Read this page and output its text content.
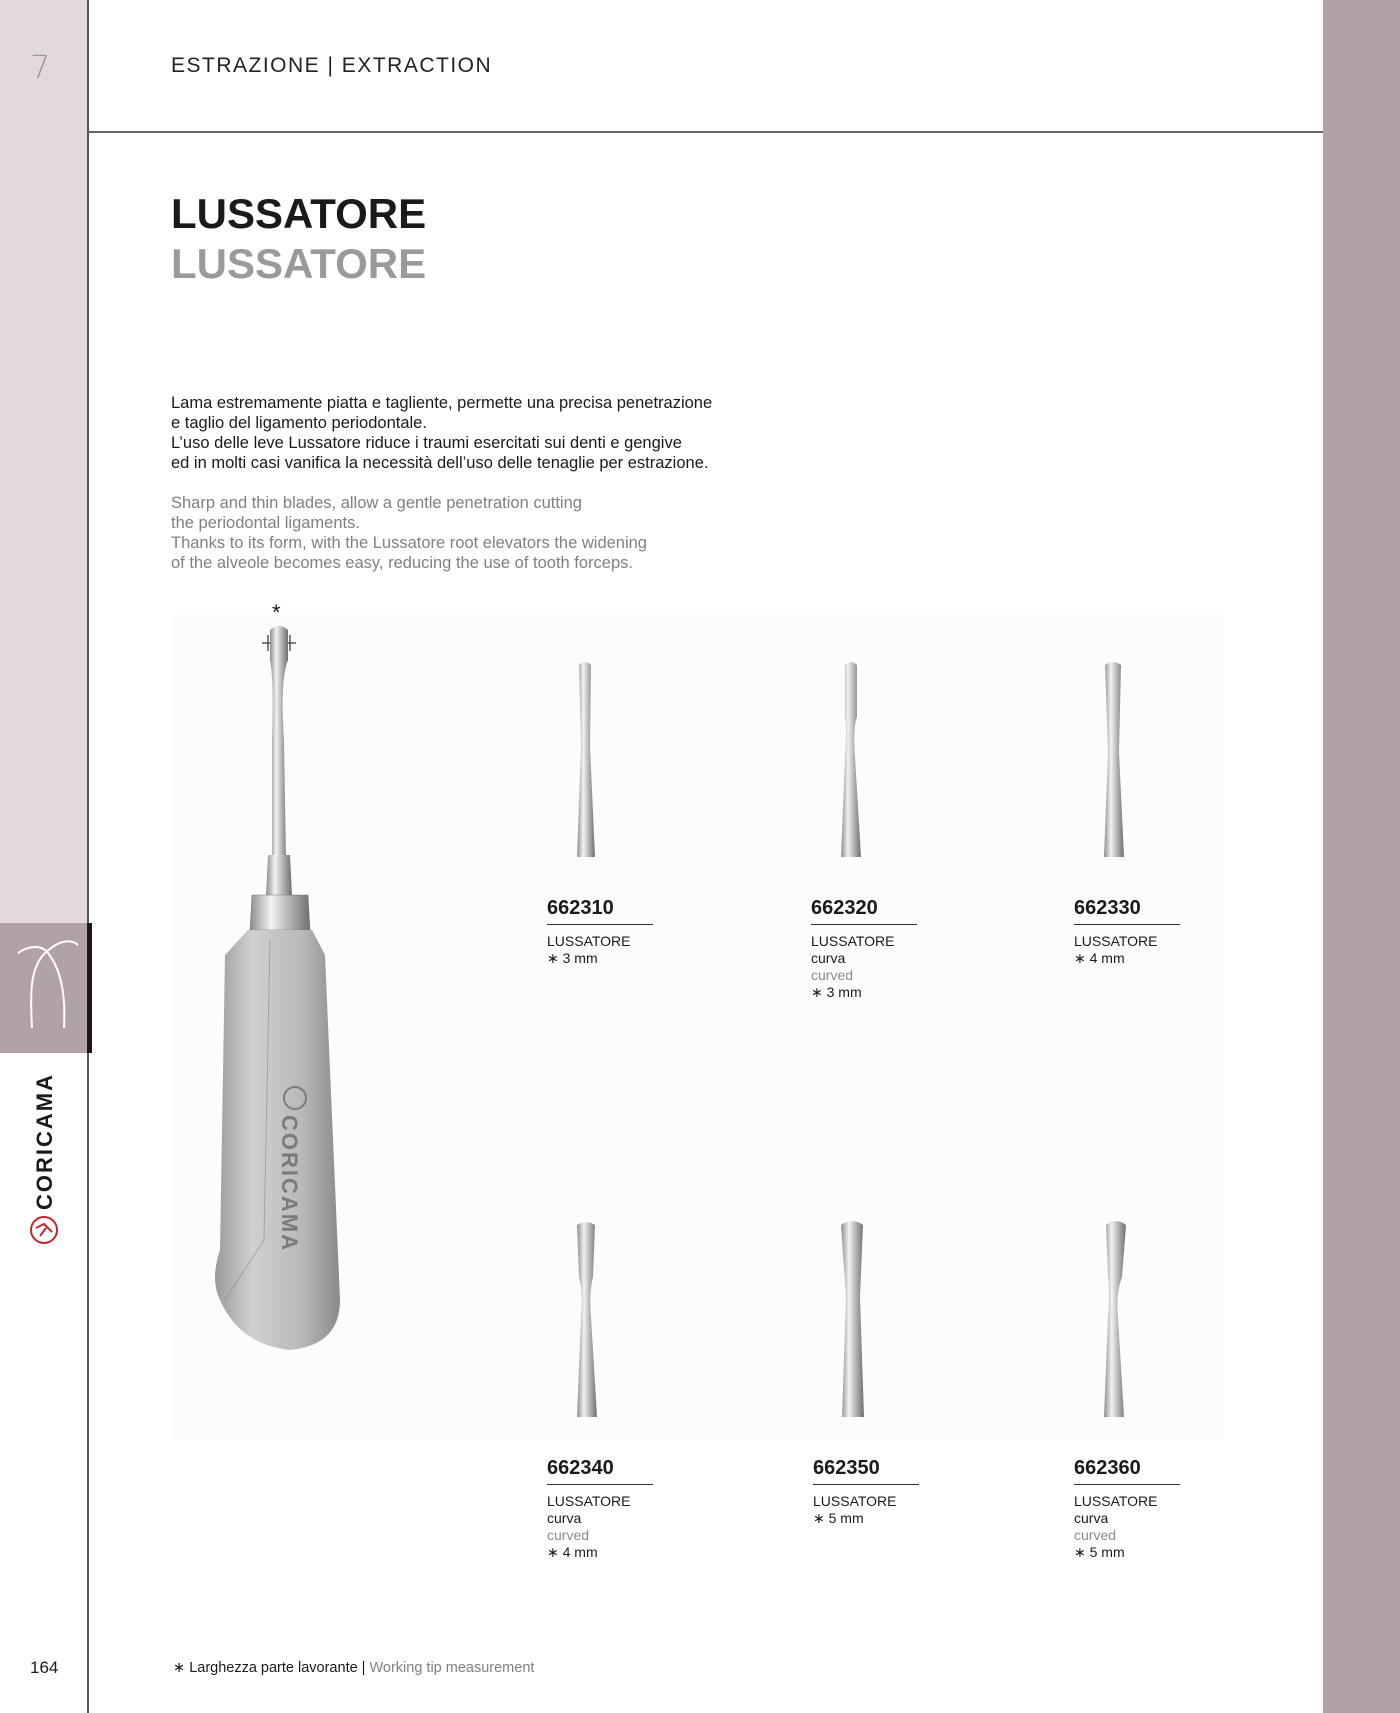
7
CORICAMA
164
ESTRAZIONE | EXTRACTION
LUSSATORE
LUSSATORE
Lama estremamente piatta e tagliente, permette una precisa penetrazione
e taglio del ligamento periodontale.
L’uso delle leve Lussatore riduce i traumi esercitati sui denti e gengive
ed in molti casi vanifica la necessità dell’uso delle tenaglie per estrazione.
Sharp and thin blades, allow a gentle penetration cutting
the periodontal ligaments.
Thanks to its form, with the Lussatore root elevators the widening
of the alveole becomes easy, reducing the use of tooth forceps.
*
CORICAMA
662310
LUSSATORE
∗ 3 mm
662320
LUSSATORE
curva
curved
∗ 3 mm
662330
LUSSATORE
∗ 4 mm
662340
LUSSATORE
curva
curved
∗ 4 mm
662350
LUSSATORE
∗ 5 mm
662360
LUSSATORE
curva
curved
∗ 5 mm
∗ Larghezza parte lavorante | Working tip measurement
